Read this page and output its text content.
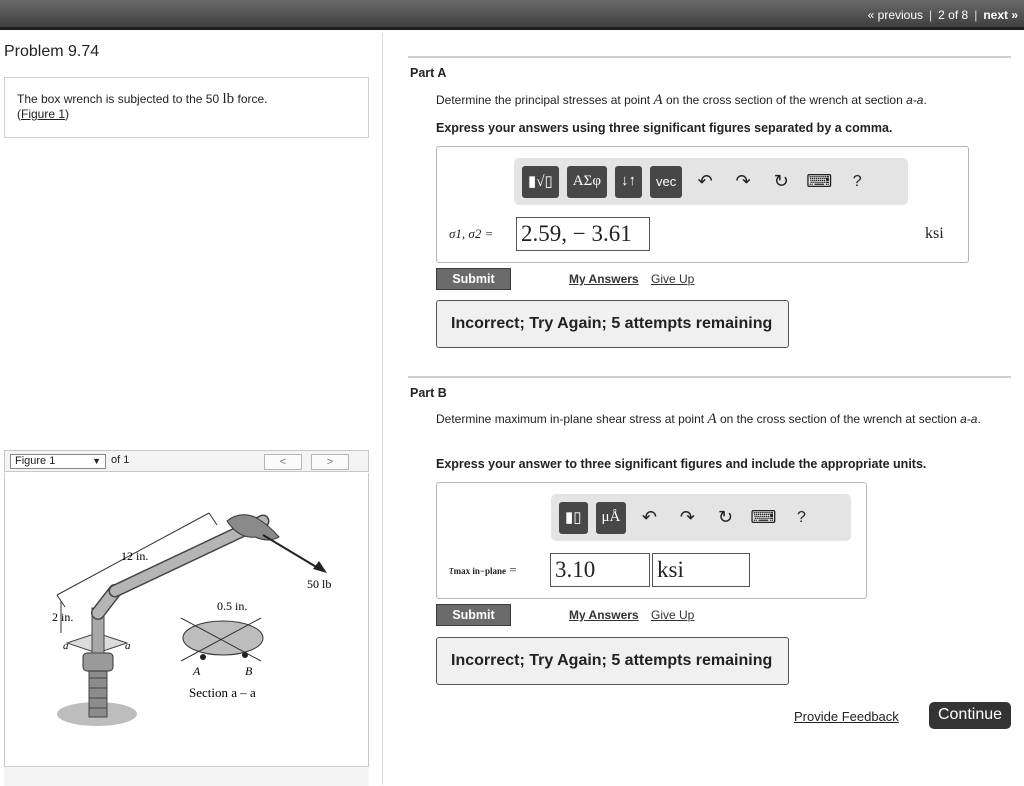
« previous | 2 of 8 | next »
Problem 9.74
The box wrench is subjected to the 50 lb force.
(Figure 1)
Figure 1	▼ of 1	<	>
50 lb
12 in.
2 in.
a	a
0.5 in.
A	B
Section a – a
Part A
Determine the principal stresses at point A on the cross section of the wrench at section a-a.
Express your answers using three significant figures separated by a comma.
▮√▯	ΑΣφ	↓↑	vec	↶	↷	↻ ⌨	?
σ1, σ2 = 2.59, − 3.61	ksi
Submit	My Answers Give Up
Incorrect; Try Again; 5 attempts remaining
Part B
Determine maximum in-plane shear stress at point A on the cross section of the wrench at section a-a.
Express your answer to three significant figures and include the appropriate units.
▮▯	μÅ	↶	↷	↻ ⌨	?
τmax in−plane = 3.10	ksi
Submit	My Answers Give Up
Incorrect; Try Again; 5 attempts remaining
Provide Feedback	Continue
